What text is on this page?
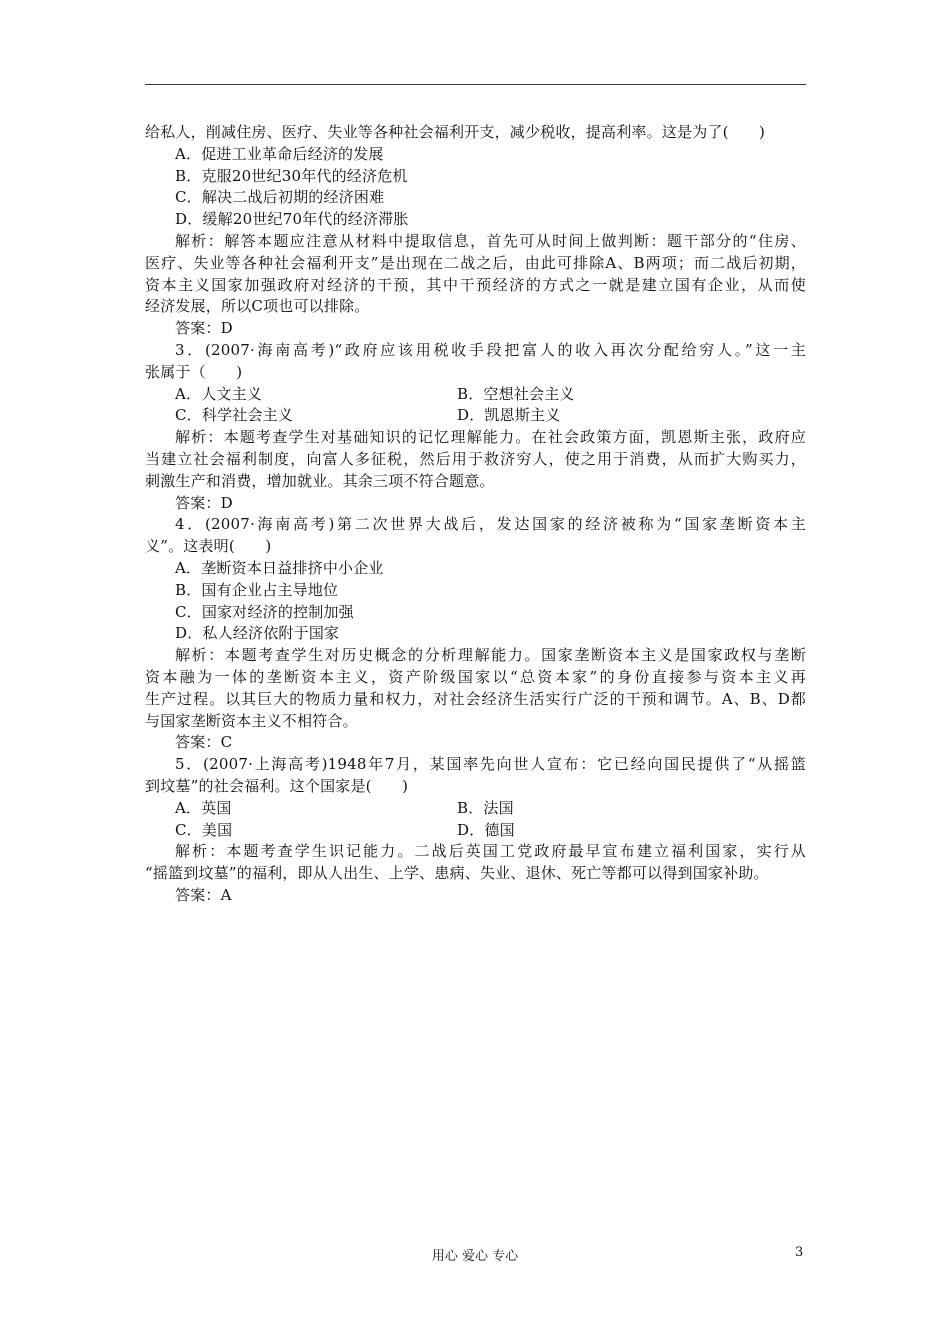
给私人，削减住房、医疗、失业等各种社会福利开支，减少税收，提高利率。这是为了(　　)
A．促进工业革命后经济的发展
B．克服20世纪30年代的经济危机
C．解决二战后初期的经济困难
D．缓解20世纪70年代的经济滞胀
解析：解答本题应注意从材料中提取信息，首先可从时间上做判断：题干部分的“住房、
医疗、失业等各种社会福利开支”是出现在二战之后，由此可排除A、B两项；而二战后初期，
资本主义国家加强政府对经济的干预，其中干预经济的方式之一就是建立国有企业，从而使
经济发展，所以C项也可以排除。
答案：D
3．(2007·海南高考)“政府应该用税收手段把富人的收入再次分配给穷人。”这一主
张属于（　　)
A．人文主义	B．空想社会主义
C．科学社会主义	D．凯恩斯主义
解析：本题考查学生对基础知识的记忆理解能力。在社会政策方面，凯恩斯主张，政府应
当建立社会福利制度，向富人多征税，然后用于救济穷人，使之用于消费，从而扩大购买力，
刺激生产和消费，增加就业。其余三项不符合题意。
答案：D
4．(2007·海南高考)第二次世界大战后，发达国家的经济被称为“国家垄断资本主
义”。这表明(　　)
A．垄断资本日益排挤中小企业
B．国有企业占主导地位
C．国家对经济的控制加强
D．私人经济依附于国家
解析：本题考查学生对历史概念的分析理解能力。国家垄断资本主义是国家政权与垄断
资本融为一体的垄断资本主义，资产阶级国家以“总资本家”的身份直接参与资本主义再
生产过程。以其巨大的物质力量和权力，对社会经济生活实行广泛的干预和调节。A、B、D都
与国家垄断资本主义不相符合。
答案：C
5．(2007·上海高考)1948年7月，某国率先向世人宣布：它已经向国民提供了“从摇篮
到坟墓”的社会福利。这个国家是(　　)
A．英国	B．法国
C．美国	D．德国
解析：本题考查学生识记能力。二战后英国工党政府最早宣布建立福利国家，实行从
“摇篮到坟墓”的福利，即从人出生、上学、患病、失业、退休、死亡等都可以得到国家补助。
答案：A
用心 爱心 专心	3
